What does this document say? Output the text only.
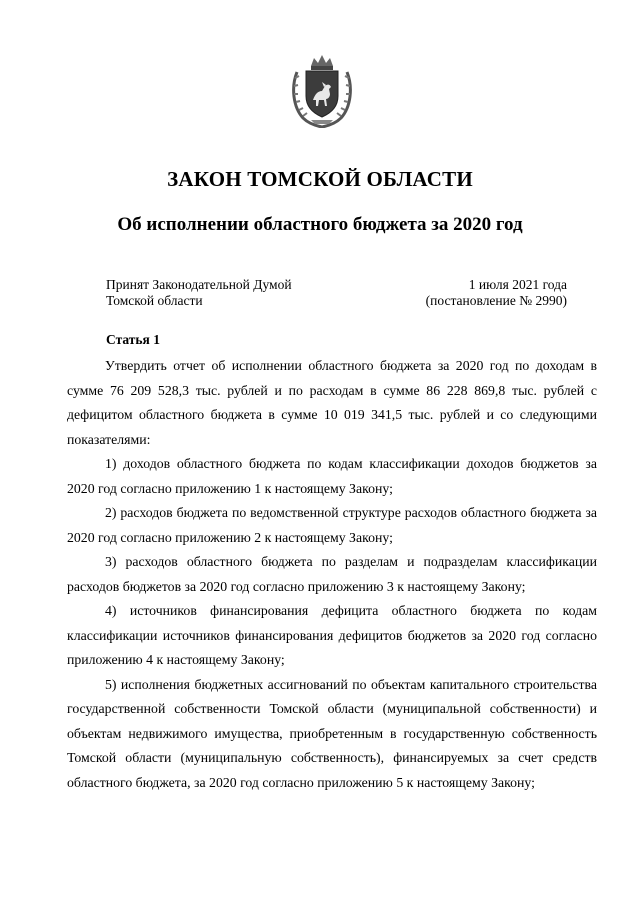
ЗАКОН ТОМСКОЙ ОБЛАСТИ
Об исполнении областного бюджета за 2020 год
Принят Законодательной Думой
Томской области
1 июля 2021 года
(постановление № 2990)
Статья 1

Утвердить отчет об исполнении областного бюджета за 2020 год по доходам в сумме 76 209 528,3 тыс. рублей и по расходам в сумме 86 228 869,8 тыс. рублей с дефицитом областного бюджета в сумме 10 019 341,5 тыс. рублей и со следующими показателями:

1) доходов областного бюджета по кодам классификации доходов бюджетов за 2020 год согласно приложению 1 к настоящему Закону;

2) расходов бюджета по ведомственной структуре расходов областного бюджета за 2020 год согласно приложению 2 к настоящему Закону;

3) расходов областного бюджета по разделам и подразделам классификации расходов бюджетов за 2020 год согласно приложению 3 к настоящему Закону;

4) источников финансирования дефицита областного бюджета по кодам классификации источников финансирования дефицитов бюджетов за 2020 год согласно приложению 4 к настоящему Закону;

5) исполнения бюджетных ассигнований по объектам капитального строительства государственной собственности Томской области (муниципальной собственности) и объектам недвижимого имущества, приобретенным в государственную собственность Томской области (муниципальную собственность), финансируемых за счет средств областного бюджета, за 2020 год согласно приложению 5 к настоящему Закону;
